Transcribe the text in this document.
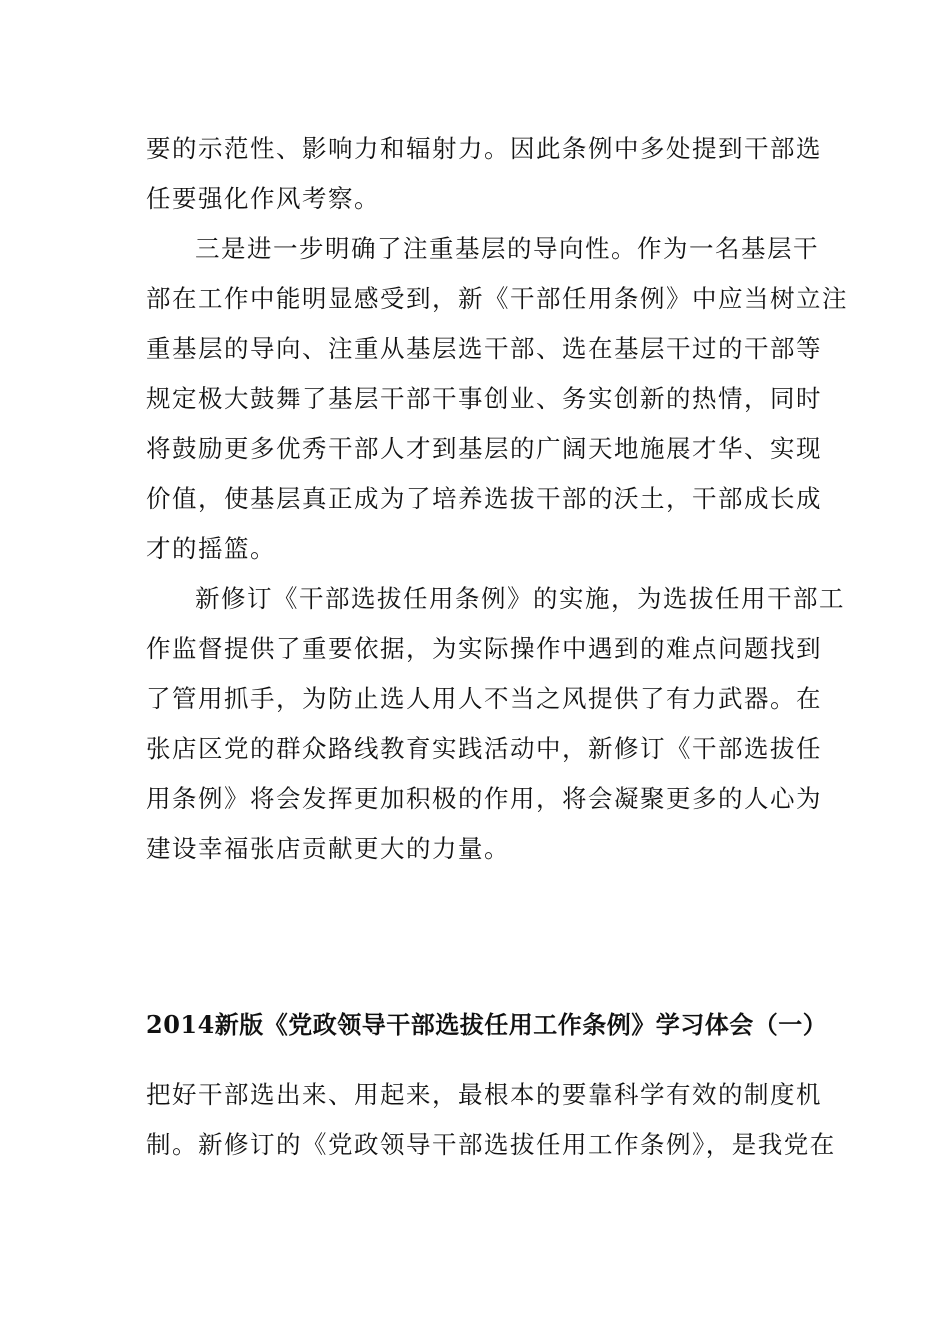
要的示范性、影响力和辐射力。因此条例中多处提到干部选
任要强化作风考察。
三是进一步明确了注重基层的导向性。作为一名基层干
部在工作中能明显感受到，新《干部任用条例》中应当树立注
重基层的导向、注重从基层选干部、选在基层干过的干部等
规定极大鼓舞了基层干部干事创业、务实创新的热情，同时
将鼓励更多优秀干部人才到基层的广阔天地施展才华、实现
价值，使基层真正成为了培养选拔干部的沃土，干部成长成
才的摇篮。
新修订《干部选拔任用条例》的实施，为选拔任用干部工
作监督提供了重要依据，为实际操作中遇到的难点问题找到
了管用抓手，为防止选人用人不当之风提供了有力武器。在
张店区党的群众路线教育实践活动中，新修订《干部选拔任
用条例》将会发挥更加积极的作用，将会凝聚更多的人心为
建设幸福张店贡献更大的力量。
2014新版《党政领导干部选拔任用工作条例》学习体会（一）
把好干部选出来、用起来，最根本的要靠科学有效的制度机
制。新修订的《党政领导干部选拔任用工作条例》，是我党在
